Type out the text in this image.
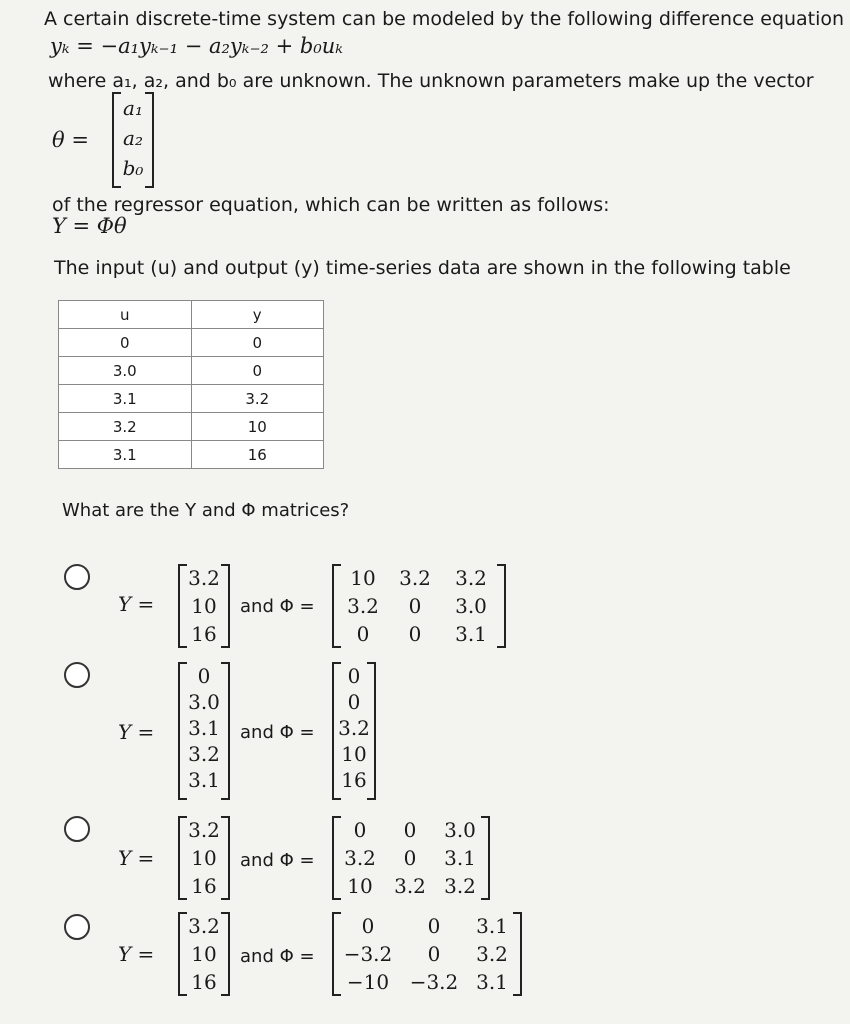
A certain discrete-time system can be modeled by the following difference equation
yₖ = −a₁yₖ₋₁ − a₂yₖ₋₂ + b₀uₖ
where a₁, a₂, and b₀ are unknown. The unknown parameters make up the vector
θ =
a₁
a₂
b₀
of the regressor equation, which can be written as follows:
Y = Φθ
The input (u) and output (y) time-series data are shown in the following table
u	y
0	0
3.0	0
3.1	3.2
3.2	10
3.1	16
What are the Y and Φ matrices?
Y =
3.2
10
16
and Φ =
10	3.2	3.2
3.2	0	3.0
0	0	3.1
Y =
0
3.0
3.1
3.2
3.1
and Φ =
0
0
3.2
10
16
Y =
3.2
10
16
and Φ =
0	0	3.0
3.2	0	3.1
10	3.2 3.2
Y =
3.2
10
16
and Φ =
0	0	3.1
−3.2	0	3.2
−10	−3.2 3.1
